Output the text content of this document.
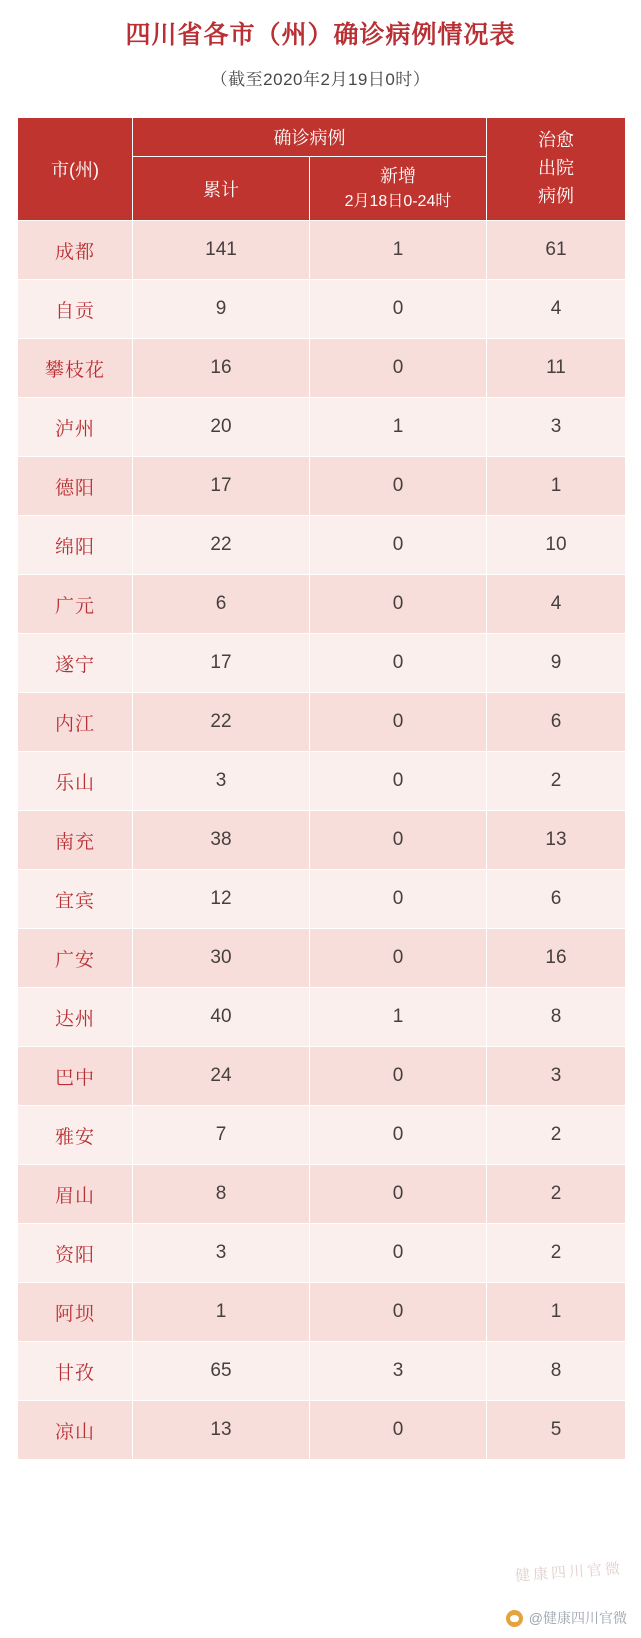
四川省各市（州）确诊病例情况表
（截至2020年2月19日0时）
市(州)	确诊病例		治愈
出院
病例

	累计	新增
2月18日0-24时	

成都	141	1	61
自贡	9	0	4
攀枝花	16	0	11
泸州	20	1	3
德阳	17	0	1
绵阳	22	0	10
广元	6	0	4
遂宁	17	0	9
内江	22	0	6
乐山	3	0	2
南充	38	0	13
宜宾	12	0	6
广安	30	0	16
达州	40	1	8
巴中	24	0	3
雅安	7	0	2
眉山	8	0	2
资阳	3	0	2
阿坝	1	0	1
甘孜	65	3	8
凉山	13	0	5
健康四川官微
@健康四川官微
